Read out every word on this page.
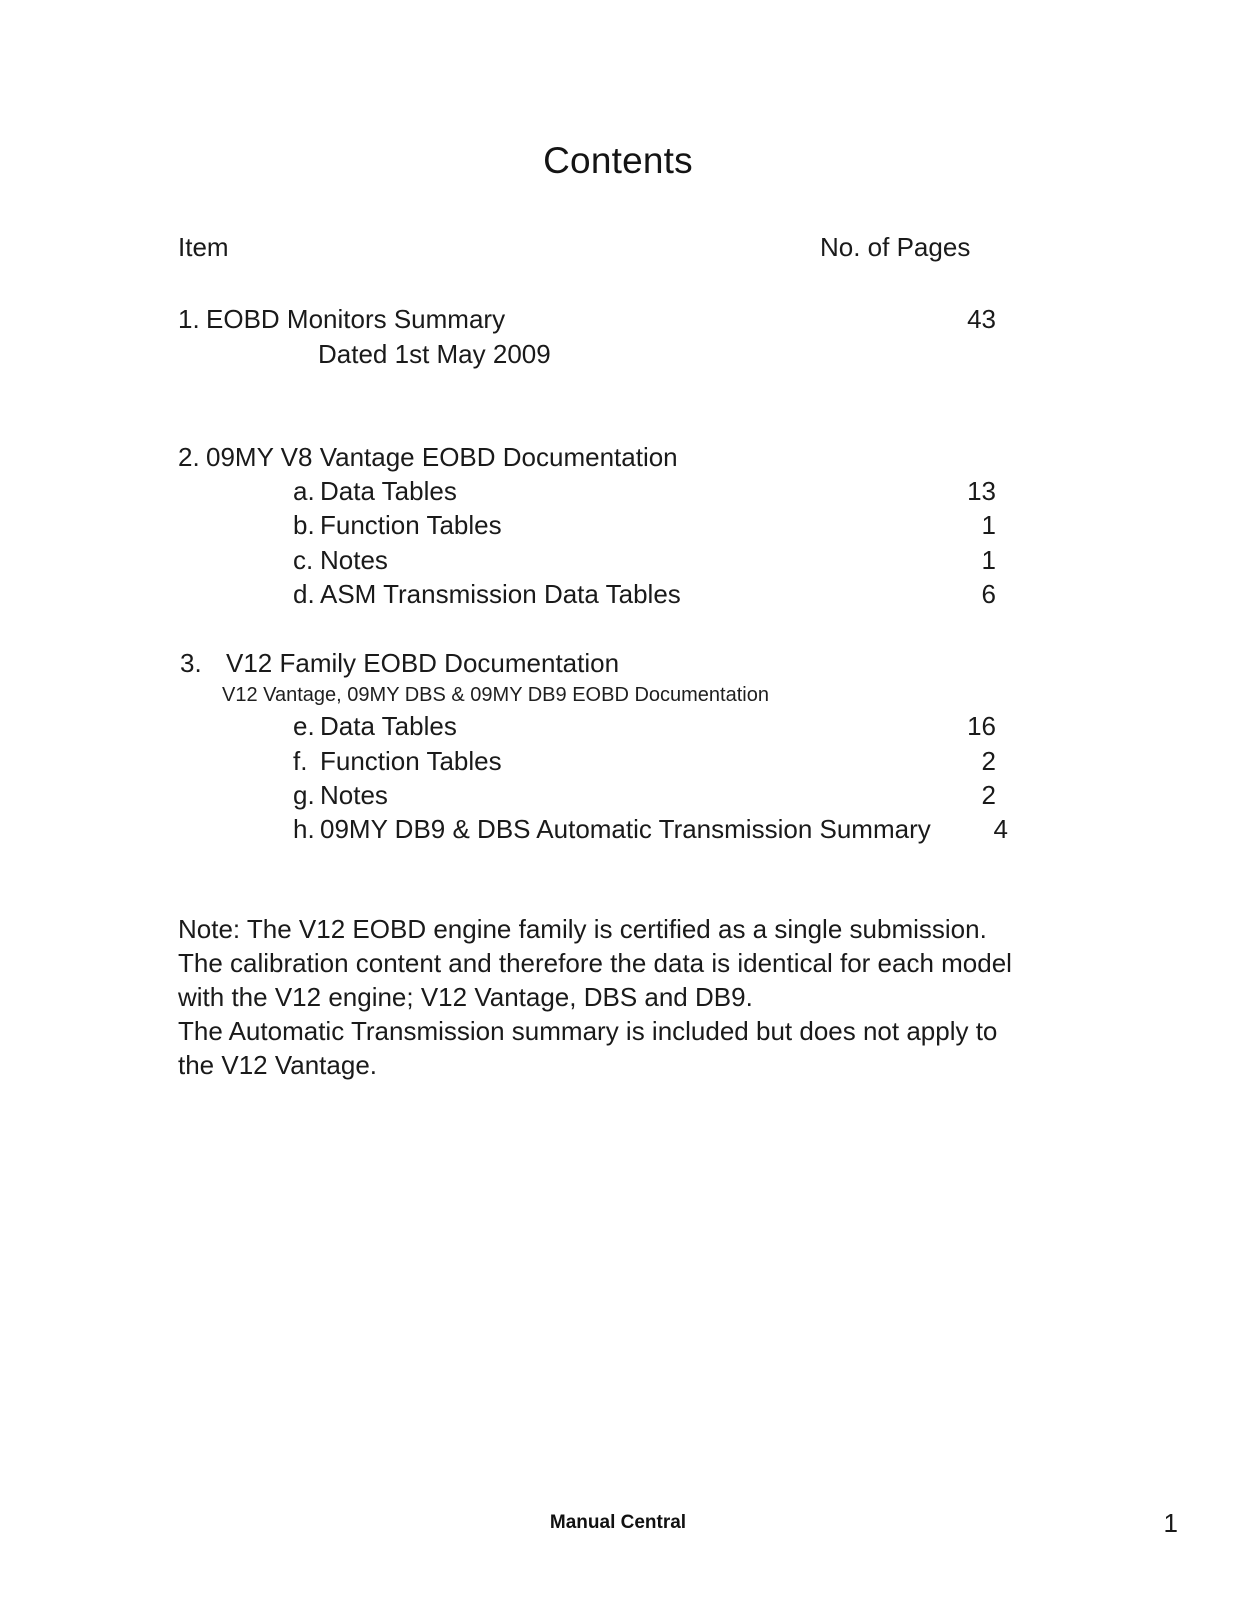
Contents
Item	No. of Pages
1. EOBD Monitors Summary	43
Dated 1st May 2009
2. 09MY V8 Vantage EOBD Documentation
a. Data Tables	13
b. Function Tables	1
c. Notes	1
d. ASM Transmission Data Tables	6
3. V12 Family EOBD Documentation
V12 Vantage, 09MY DBS & 09MY DB9 EOBD Documentation
e. Data Tables	16
f. Function Tables	2
g. Notes	2
h. 09MY DB9 & DBS Automatic Transmission Summary	4
Note: The V12 EOBD engine family is certified as a single submission.
The calibration content and therefore the data is identical for each model
with the V12 engine; V12 Vantage, DBS and DB9.
The Automatic Transmission summary is included but does not apply to
the V12 Vantage.
Manual Central	1
